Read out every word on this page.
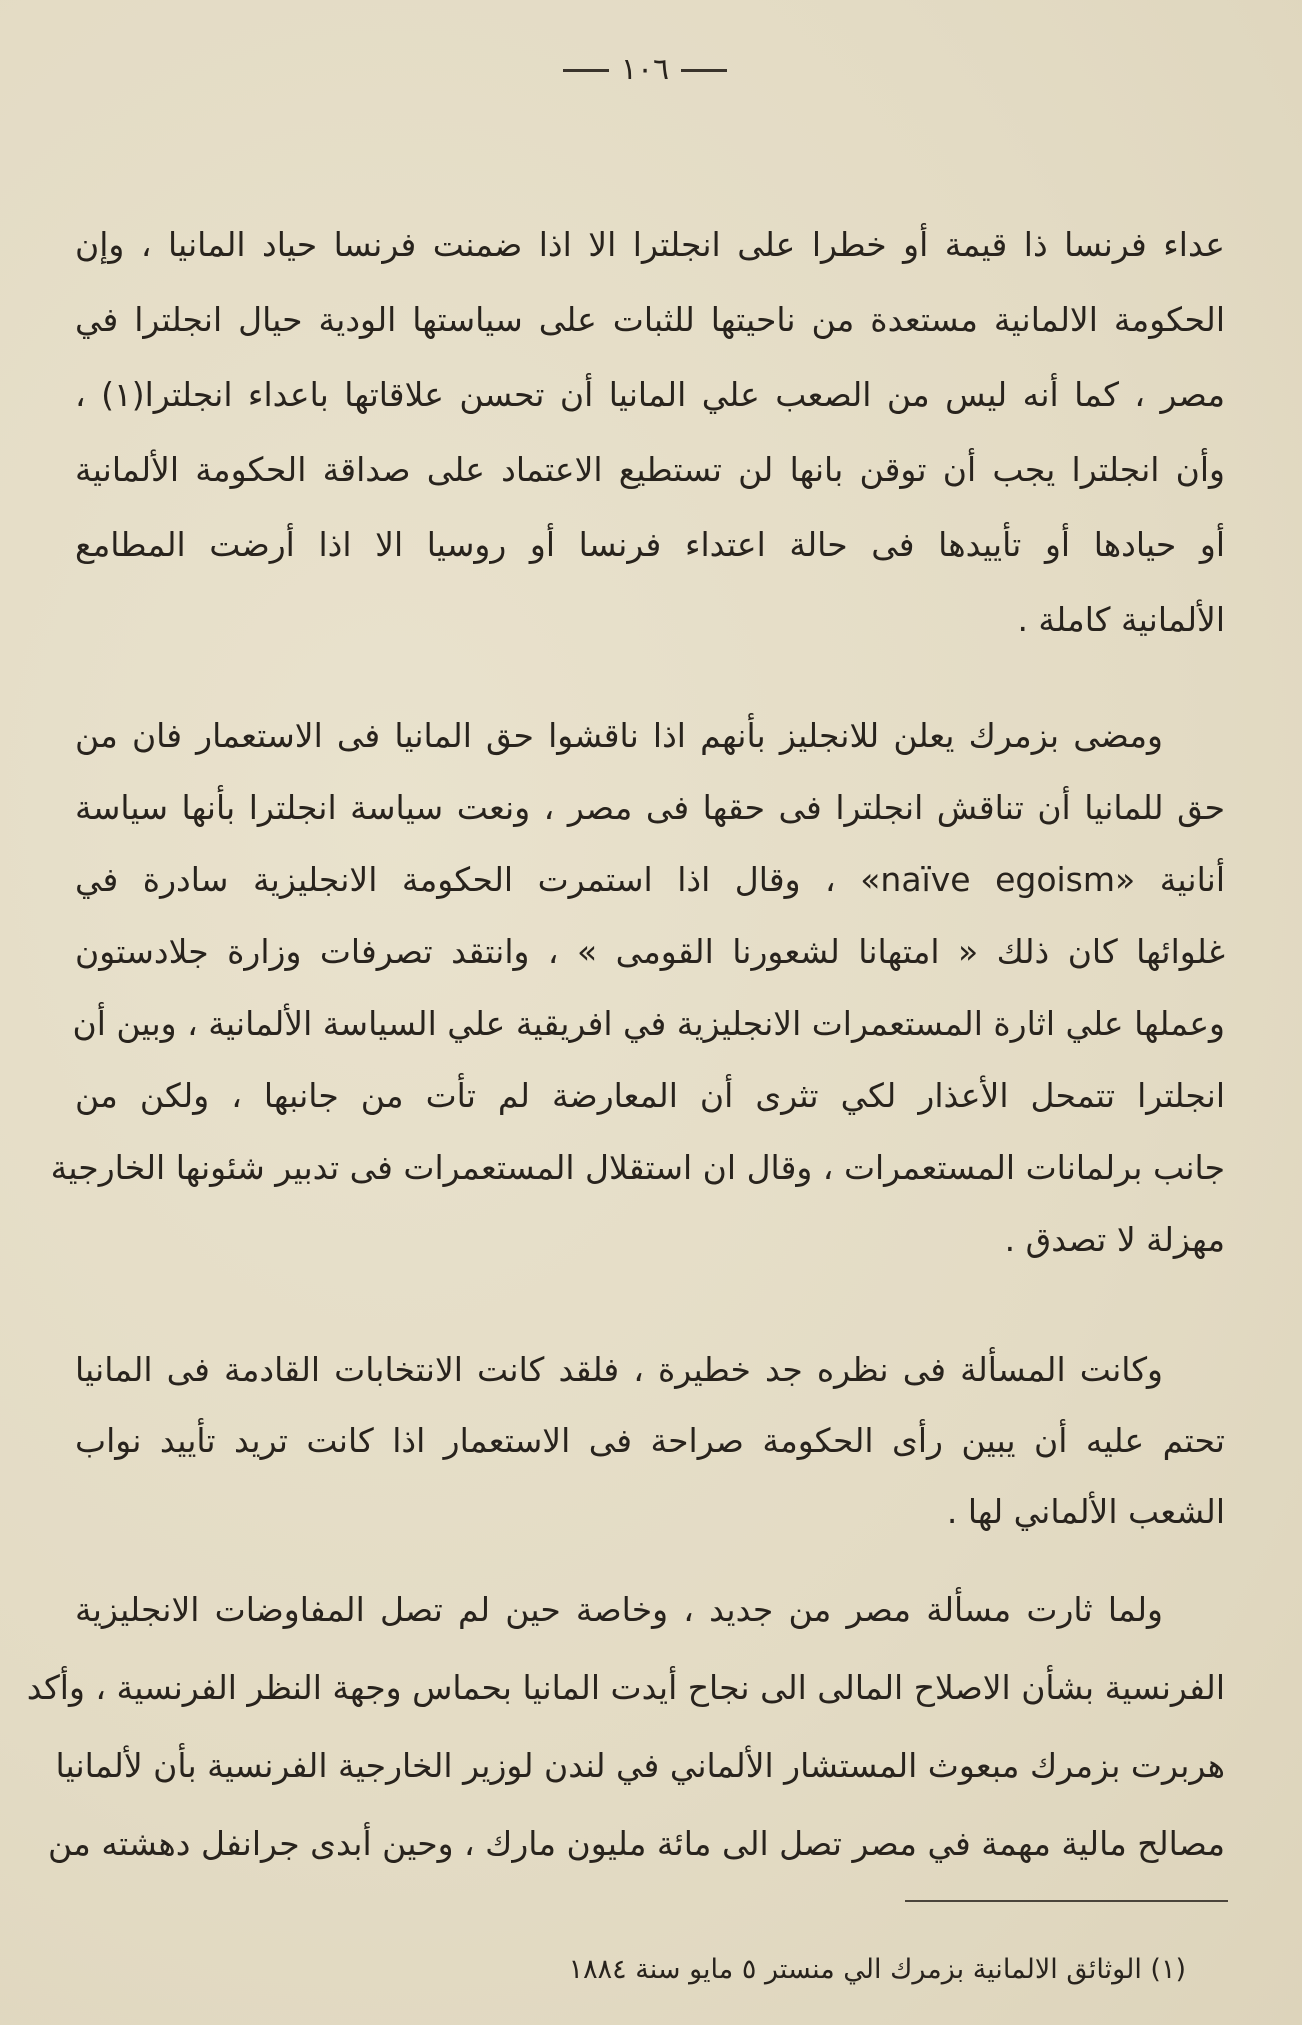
١٠٦
عداء فرنسا ذا قيمة أو خطرا على انجلترا الا اذا ضمنت فرنسا حياد المانيا ، وإن
الحكومة الالمانية مستعدة من ناحيتها للثبات على سياستها الودية حيال انجلترا في
مصر ، كما أنه ليس من الصعب علي المانيا أن تحسن علاقاتها باعداء انجلترا(١) ،
وأن انجلترا يجب أن توقن بانها لن تستطيع الاعتماد على صداقة الحكومة الألمانية
أو حيادها أو تأييدها فى حالة اعتداء فرنسا أو روسيا الا اذا أرضت المطامع
الألمانية كاملة .
ومضى بزمرك يعلن للانجليز بأنهم اذا ناقشوا حق المانيا فى الاستعمار فان من
حق للمانيا أن تناقش انجلترا فى حقها فى مصر ، ونعت سياسة انجلترا بأنها سياسة
أنانية «naïve egoism» ، وقال اذا استمرت الحكومة الانجليزية سادرة في
غلوائها كان ذلك « امتهانا لشعورنا القومى » ، وانتقد تصرفات وزارة جلادستون
وعملها علي اثارة المستعمرات الانجليزية في افريقية علي السياسة الألمانية ، وبين أن
انجلترا تتمحل الأعذار لكي تثرى أن المعارضة لم تأت من جانبها ، ولكن من
جانب برلمانات المستعمرات ، وقال ان استقلال المستعمرات فى تدبير شئونها الخارجية
مهزلة لا تصدق .
وكانت المسألة فى نظره جد خطيرة ، فلقد كانت الانتخابات القادمة فى المانيا
تحتم عليه أن يبين رأى الحكومة صراحة فى الاستعمار اذا كانت تريد تأييد نواب
الشعب الألماني لها .
ولما ثارت مسألة مصر من جديد ، وخاصة حين لم تصل المفاوضات الانجليزية
الفرنسية بشأن الاصلاح المالى الى نجاح أيدت المانيا بحماس وجهة النظر الفرنسية ، وأكد
هربرت بزمرك مبعوث المستشار الألماني في لندن لوزير الخارجية الفرنسية بأن لألمانيا
مصالح مالية مهمة في مصر تصل الى مائة مليون مارك ، وحين أبدى جرانفل دهشته من
(١) الوثائق الالمانية بزمرك الي منستر ٥ مايو سنة ١٨٨٤
